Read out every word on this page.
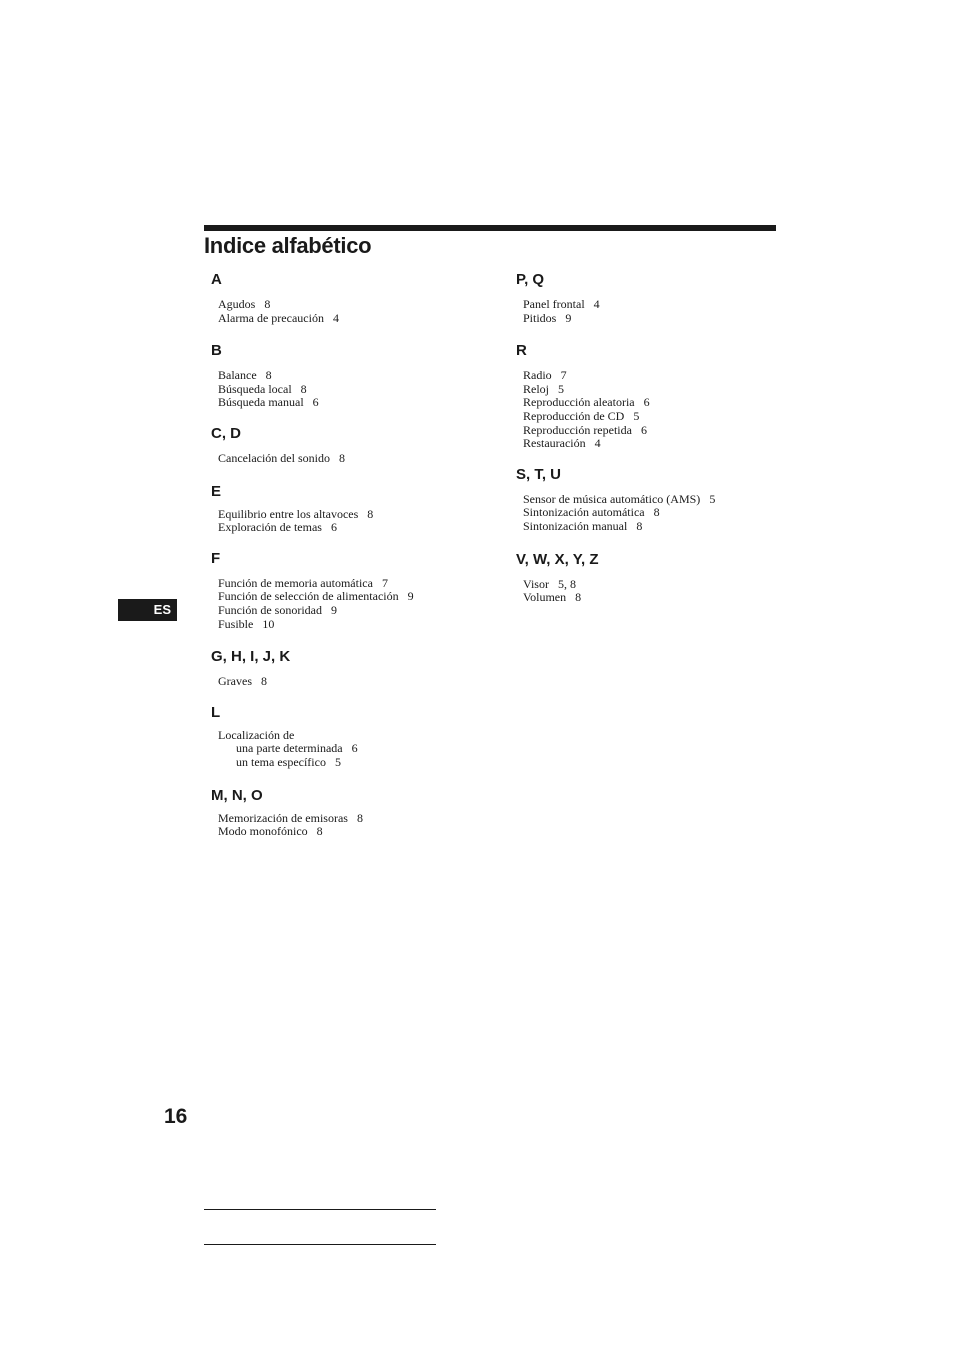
Indice alfabético
A
Agudos 8
Alarma de precaución 4
B
Balance 8
Búsqueda local 8
Búsqueda manual 6
C, D
Cancelación del sonido 8
E
Equilibrio entre los altavoces 8
Exploración de temas 6
F
Función de memoria automática 7
Función de selección de alimentación 9
Función de sonoridad 9
Fusible 10
G, H, I, J, K
Graves 8
L
Localización de
una parte determinada 6
un tema específico 5
M, N, O
Memorización de emisoras 8
Modo monofónico 8
P, Q
Panel frontal 4
Pitidos 9
R
Radio 7
Reloj 5
Reproducción aleatoria 6
Reproducción de CD 5
Reproducción repetida 6
Restauración 4
S, T, U
Sensor de música automático (AMS) 5
Sintonización automática 8
Sintonización manual 8
V, W, X, Y, Z
Visor 5, 8
Volumen 8
ES
16
